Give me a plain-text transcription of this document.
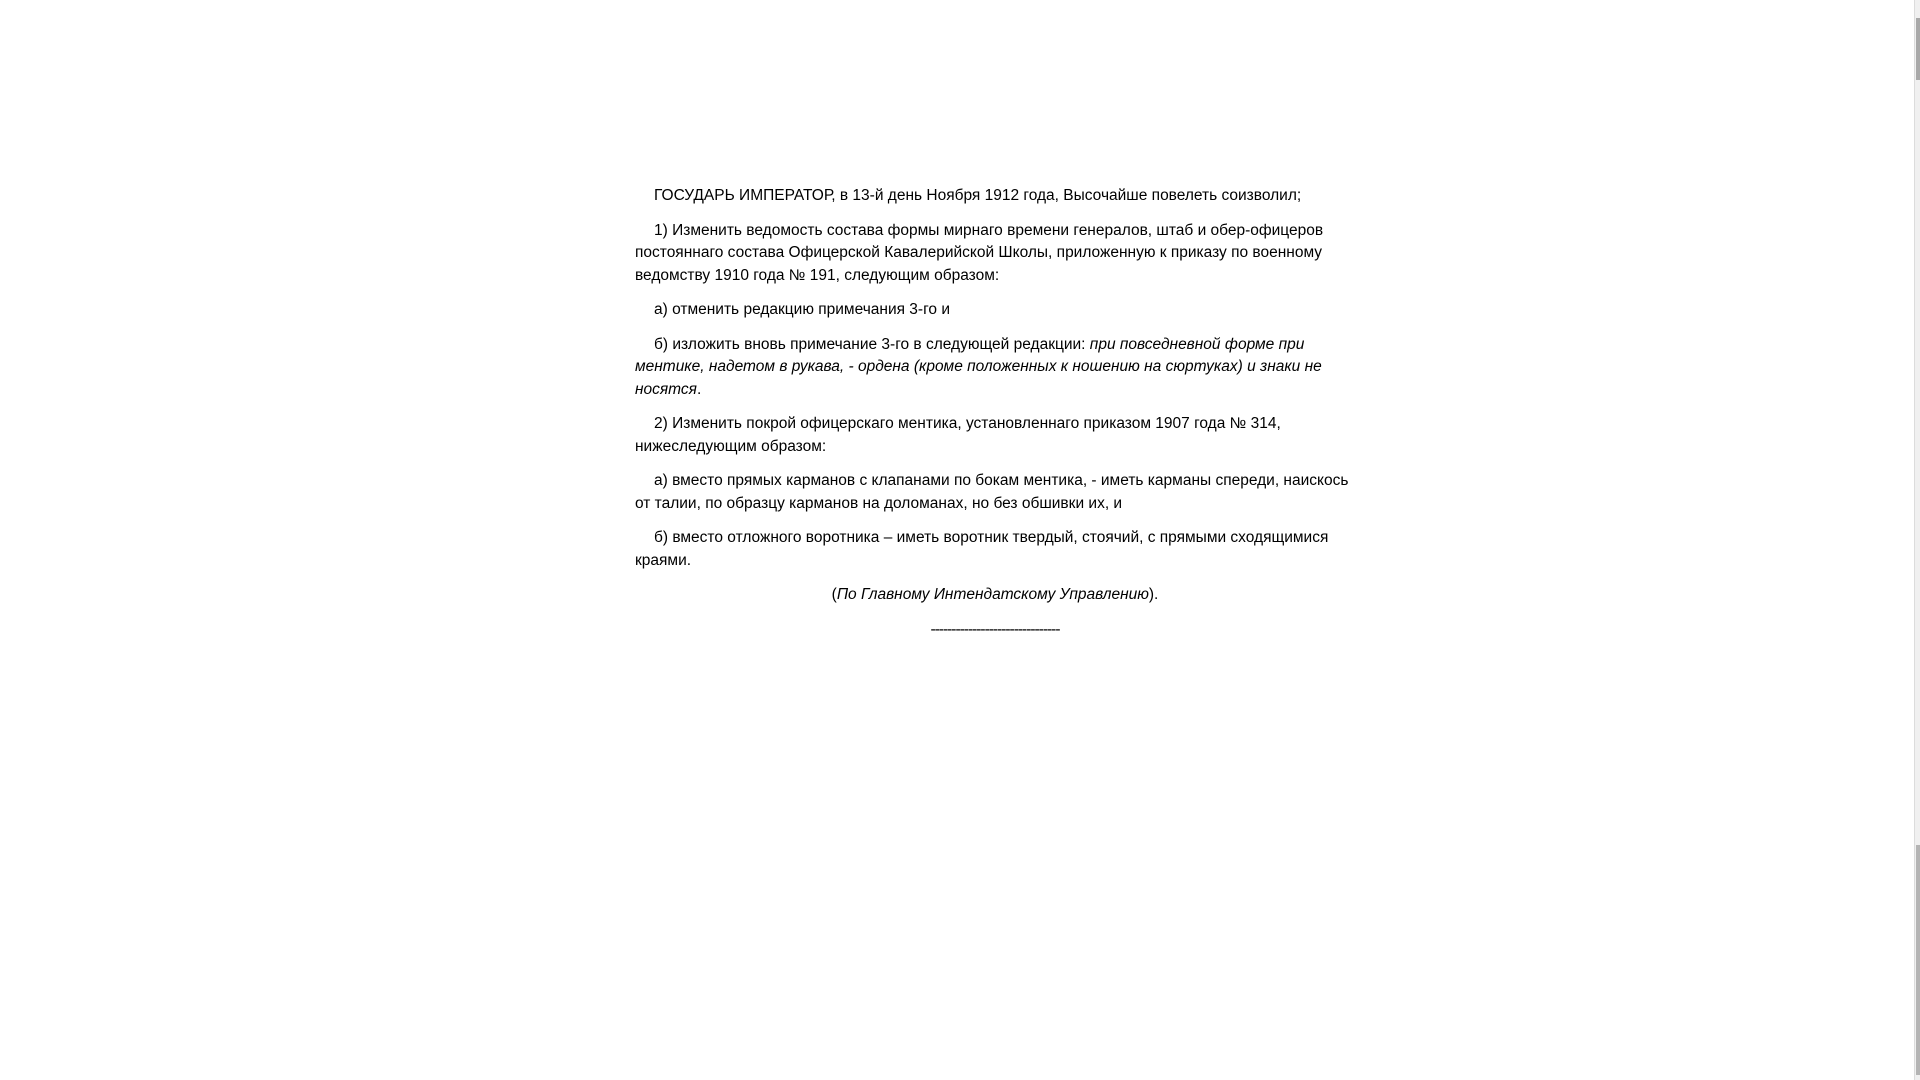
ГОСУДАРЬ ИМПЕРАТОР, в 13-й день Ноября 1912 года, Высочайше повелеть соизволил;

1) Изменить ведомость состава формы мирнаго времени генералов, штаб и обер-офицеров постояннаго состава Офицерской Кавалерийской Школы, приложенную к приказу по военному ведомству 1910 года № 191, следующим образом:

а) отменить редакцию примечания 3-го и

б) изложить вновь примечание 3-го в следующей редакции: при повседневной форме при ментике, надетом в рукава, - ордена (кроме положенных к ношению на сюртуках) и знаки не носятся.

2) Изменить покрой офицерскаго ментика, установленнаго приказом 1907 года № 314, нижеследующим образом:

а) вместо прямых карманов с клапанами по бокам ментика, - иметь карманы спереди, наискось от талии, по образцу карманов на доломанах, но без обшивки их, и

б) вместо отложного воротника – иметь воротник твердый, стоячий, с прямыми сходящимися краями.

(По Главному Интендатскому Управлению).

-------------------------------
